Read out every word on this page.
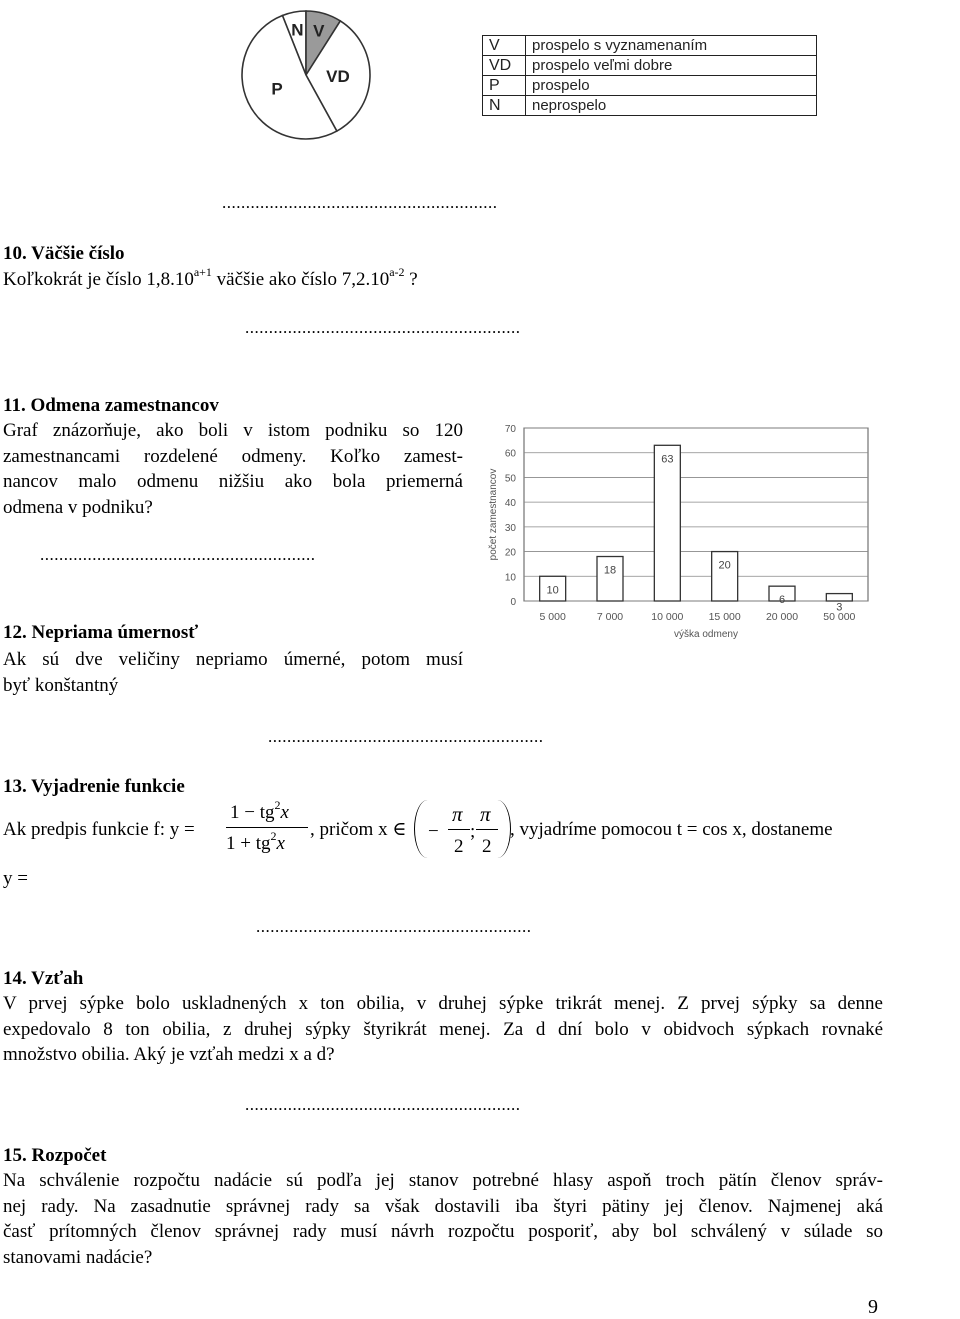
N V
VD
P
V	prospelo s vyznamenaním
VD	prospelo veľmi dobre
P	prospelo
N	neprospelo
..........................................................
10. Väčšie číslo
Koľkokrát je číslo $1,8.10^{a+1}$ väčšie ako číslo 7,2.10$^{a-2}$ ?
..........................................................
11. Odmena zamestnancov
Graf znázorňuje, ako boli v istom podniku so 120
zamestnancami rozdelené odmeny. Koľko zamest-
nancov malo odmenu nižšiu ako bola priemerná
odmena v podniku?
..........................................................
0
10
20
30
40
50
60
70
počet zamestnancov
10
5 000
18
7 000
63
10 000
20
15 000
6
20 000
3
50 000
výška odmeny
12. Nepriama úmernosť
Ak sú dve veličiny nepriamo úmerné, potom musí
byť konštantný
..........................................................
13. Vyjadrenie funkcie
Ak predpis funkcie f: y =
$1 - tg^2x$
$1 + tg^2x$
, pričom x ∈ −
π
2
;
π
2
, vyjadríme pomocou t = cos x, dostaneme
y =
..........................................................
14. Vzťah
V prvej sýpke bolo uskladnených x ton obilia, v druhej sýpke trikrát menej. Z prvej sýpky sa denne
expedovalo 8 ton obilia, z druhej sýpky štyrikrát menej. Za d dní bolo v obidvoch sýpkach rovnaké
množstvo obilia. Aký je vzťah medzi x a d?
..........................................................
15. Rozpočet
Na schválenie rozpočtu nadácie sú podľa jej stanov potrebné hlasy aspoň troch pätín členov správ-
nej rady. Na zasadnutie správnej rady sa však dostavili iba štyri pätiny jej členov. Najmenej aká
časť prítomných členov správnej rady musí návrh rozpočtu posporiť, aby bol schválený v súlade so
stanovami nadácie?
9
